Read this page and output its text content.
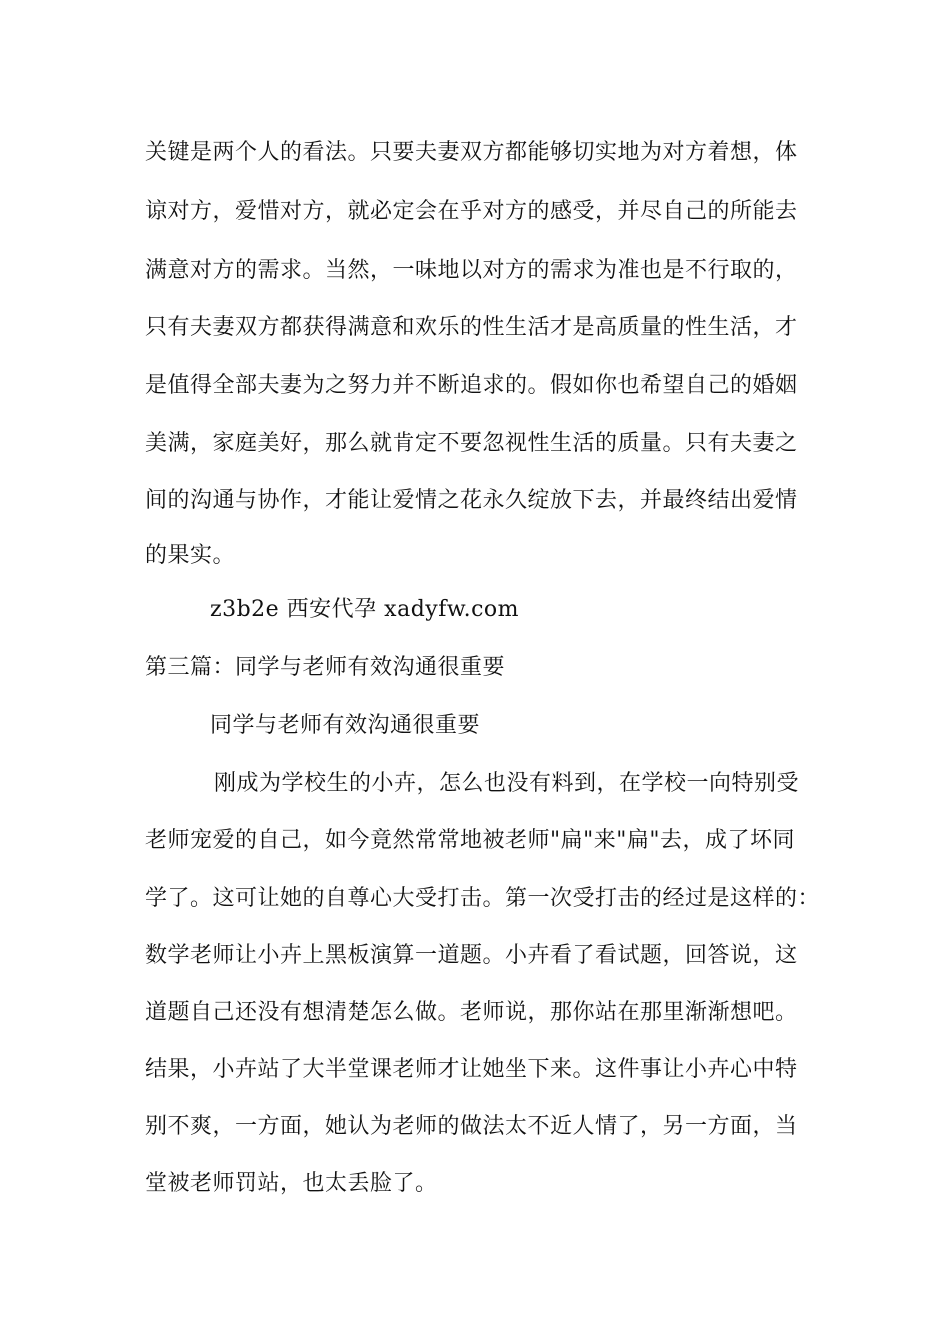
关键是两个人的看法。只要夫妻双方都能够切实地为对方着想，体
谅对方，爱惜对方，就必定会在乎对方的感受，并尽自己的所能去
满意对方的需求。当然，一味地以对方的需求为准也是不行取的，
只有夫妻双方都获得满意和欢乐的性生活才是高质量的性生活，才
是值得全部夫妻为之努力并不断追求的。假如你也希望自己的婚姻
美满，家庭美好，那么就肯定不要忽视性生活的质量。只有夫妻之
间的沟通与协作，才能让爱情之花永久绽放下去，并最终结出爱情
的果实。
z3b2e 西安代孕 xadyfw.com
第三篇：同学与老师有效沟通很重要
同学与老师有效沟通很重要
刚成为学校生的小卉，怎么也没有料到，在学校一向特别受
老师宠爱的自己，如今竟然常常地被老师"扁"来"扁"去，成了坏同
学了。这可让她的自尊心大受打击。第一次受打击的经过是这样的：
数学老师让小卉上黑板演算一道题。小卉看了看试题，回答说，这
道题自己还没有想清楚怎么做。老师说，那你站在那里渐渐想吧。
结果，小卉站了大半堂课老师才让她坐下来。这件事让小卉心中特
别不爽，一方面，她认为老师的做法太不近人情了，另一方面，当
堂被老师罚站，也太丢脸了。
